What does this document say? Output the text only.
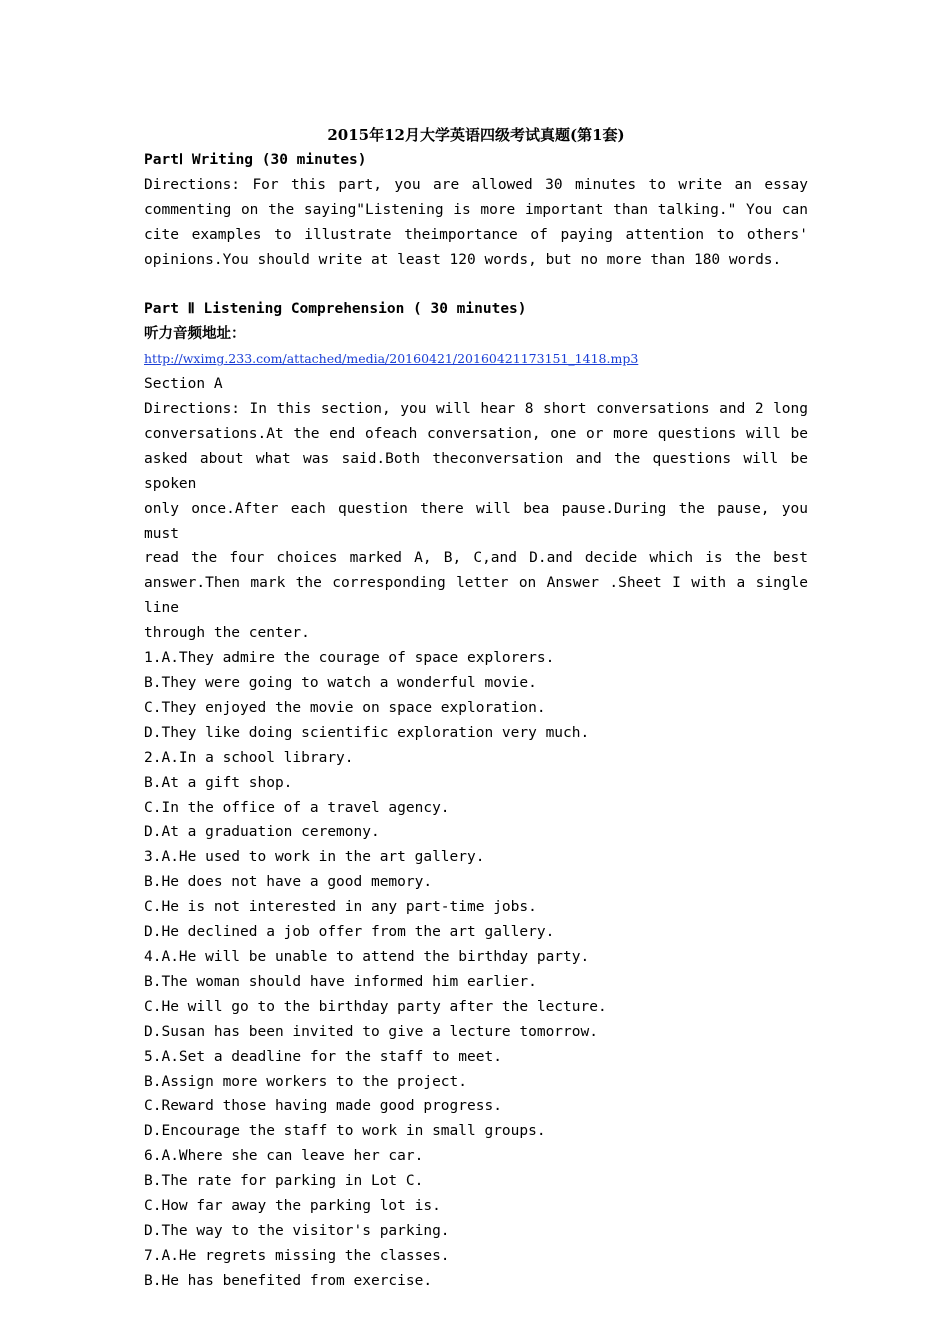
2015年12月大学英语四级考试真题(第1套)
PartⅠ Writing (30 minutes)
Directions: For this part, you are allowed 30 minutes to write an essay
commenting on the saying"Listening is more important than talking." You can
cite examples to illustrate theimportance of paying attention to others'
opinions.You should write at least 120 words, but no more than 180 words.
Part Ⅱ Listening Comprehension ( 30 minutes)
听力音频地址：
http://wximg.233.com/attached/media/20160421/20160421173151_1418.mp3
Section A
Directions: In this section, you will hear 8 short conversations and 2 long
conversations.At the end ofeach conversation, one or more questions will be
asked about what was said.Both theconversation and the questions will be spoken
only once.After each question there will bea pause.During the pause, you must
read the four choices marked A, B, C,and D.and decide which is the best
answer.Then mark the corresponding letter on Answer .Sheet I with a single line
through the center.
1.A.They admire the courage of space explorers.
B.They were going to watch a wonderful movie.
C.They enjoyed the movie on space exploration.
D.They like doing scientific exploration very much.
2.A.In a school library.
B.At a gift shop.
C.In the office of a travel agency.
D.At a graduation ceremony.
3.A.He used to work in the art gallery.
B.He does not have a good memory.
C.He is not interested in any part-time jobs.
D.He declined a job offer from the art gallery.
4.A.He will be unable to attend the birthday party.
B.The woman should have informed him earlier.
C.He will go to the birthday party after the lecture.
D.Susan has been invited to give a lecture tomorrow.
5.A.Set a deadline for the staff to meet.
B.Assign more workers to the project.
C.Reward those having made good progress.
D.Encourage the staff to work in small groups.
6.A.Where she can leave her car.
B.The rate for parking in Lot C.
C.How far away the parking lot is.
D.The way to the visitor's parking.
7.A.He regrets missing the classes.
B.He has benefited from exercise.
